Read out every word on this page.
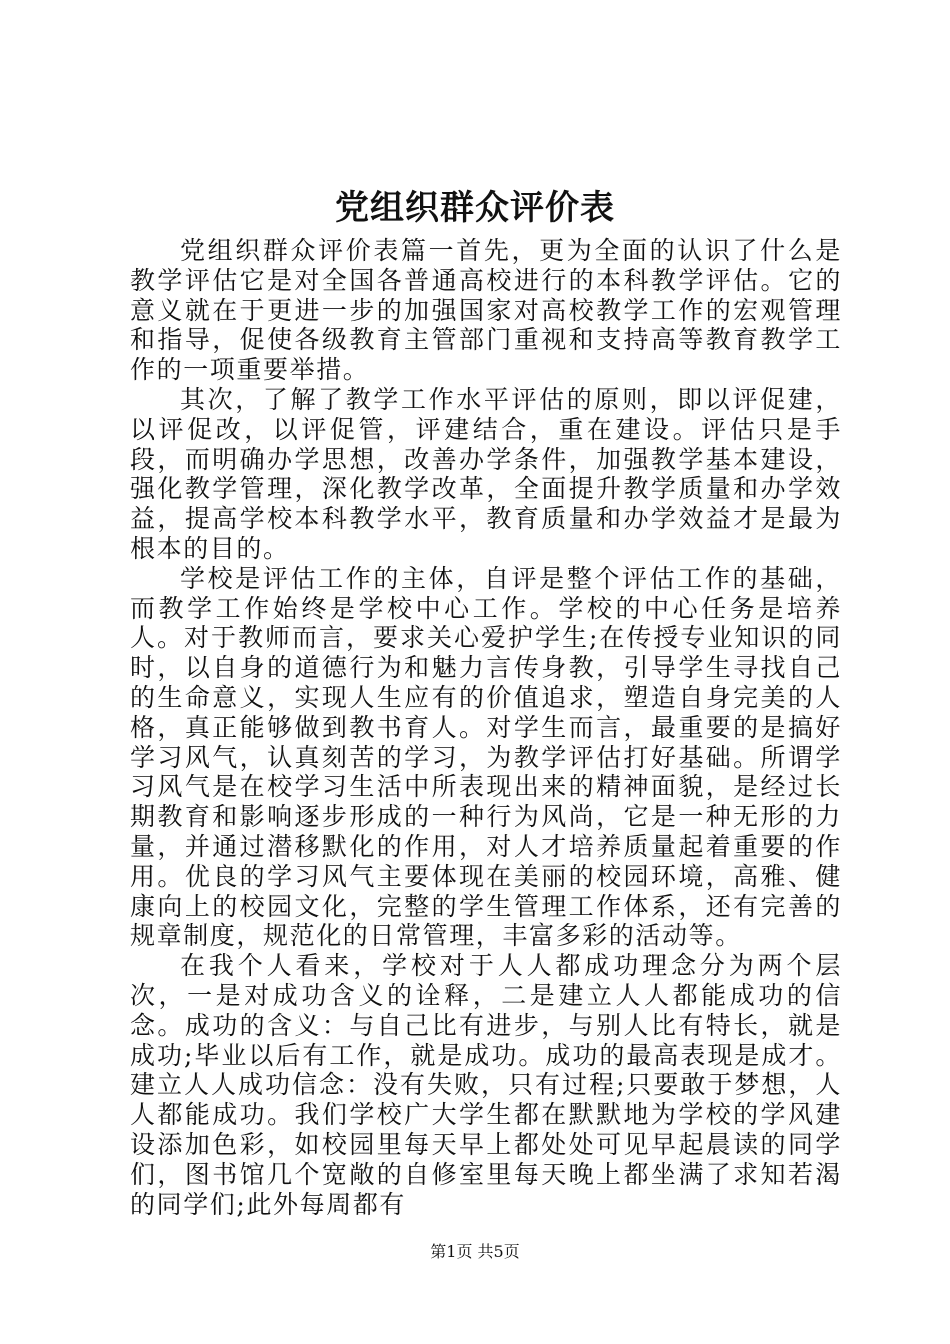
党组织群众评价表

党组织群众评价表篇一首先，更为全面的认识了什么是教学评估它是对全国各普通高校进行的本科教学评估。它的意义就在于更进一步的加强国家对高校教学工作的宏观管理和指导，促使各级教育主管部门重视和支持高等教育教学工作的一项重要举措。

其次，了解了教学工作水平评估的原则，即以评促建，以评促改，以评促管，评建结合，重在建设。评估只是手段，而明确办学思想，改善办学条件，加强教学基本建设，强化教学管理，深化教学改革，全面提升教学质量和办学效益，提高学校本科教学水平，教育质量和办学效益才是最为根本的目的。

学校是评估工作的主体，自评是整个评估工作的基础，而教学工作始终是学校中心工作。学校的中心任务是培养人。对于教师而言，要求关心爱护学生;在传授专业知识的同时，以自身的道德行为和魅力言传身教，引导学生寻找自己的生命意义，实现人生应有的价值追求，塑造自身完美的人格，真正能够做到教书育人。对学生而言，最重要的是搞好学习风气，认真刻苦的学习，为教学评估打好基础。所谓学习风气是在校学习生活中所表现出来的精神面貌，是经过长期教育和影响逐步形成的一种行为风尚，它是一种无形的力量，并通过潜移默化的作用，对人才培养质量起着重要的作用。优良的学习风气主要体现在美丽的校园环境，高雅、健康向上的校园文化，完整的学生管理工作体系，还有完善的规章制度，规范化的日常管理，丰富多彩的活动等。

在我个人看来，学校对于人人都成功理念分为两个层次，一是对成功含义的诠释，二是建立人人都能成功的信念。成功的含义：与自己比有进步，与别人比有特长，就是成功;毕业以后有工作，就是成功。成功的最高表现是成才。建立人人成功信念：没有失败，只有过程;只要敢于梦想，人人都能成功。我们学校广大学生都在默默地为学校的学风建设添加色彩，如校园里每天早上都处处可见早起晨读的同学们，图书馆几个宽敞的自修室里每天晚上都坐满了求知若渴的同学们;此外每周都有

第1页 共5页
